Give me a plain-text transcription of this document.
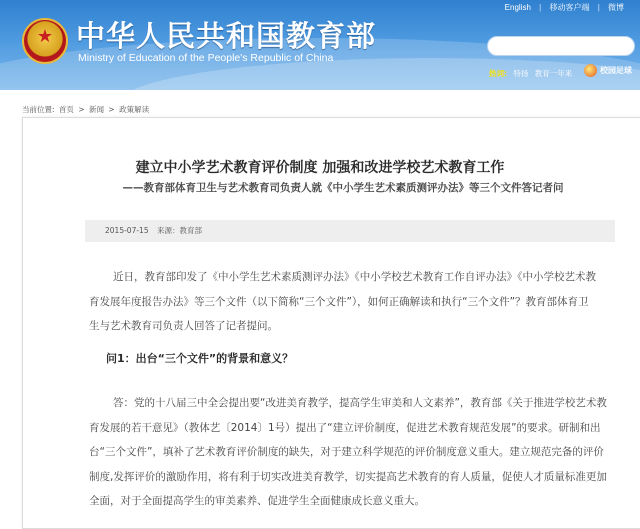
★ 中华人民共和国教育部
Ministry of Education of the People's Republic of China
English | 移动客户端 | 微博
热词: 特扬 教育一年来	校园足球
当前位置: 首页 > 新闻 > 政策解读
建立中小学艺术教育评价制度 加强和改进学校艺术教育工作
——教育部体育卫生与艺术教育司负责人就《中小学生艺术素质测评办法》等三个文件答记者问
2015-07-15 来源：教育部
近日，教育部印发了《中小学生艺术素质测评办法》《中小学校艺术教育工作自评办法》《中小学校艺术教
育发展年度报告办法》等三个文件（以下简称“三个文件”），如何正确解读和执行“三个文件”？教育部体育卫
生与艺术教育司负责人回答了记者提问。
问1：出台“三个文件”的背景和意义？
答：党的十八届三中全会提出要“改进美育教学，提高学生审美和人文素养”，教育部《关于推进学校艺术教
育发展的若干意见》（教体艺〔2014〕1号）提出了“建立评价制度，促进艺术教育规范发展”的要求。研制和出
台“三个文件”，填补了艺术教育评价制度的缺失，对于建立科学规范的评价制度意义重大。建立规范完备的评价
制度,发挥评价的激励作用，将有利于切实改进美育教学，切实提高艺术教育的育人质量，促使人才质量标准更加
全面，对于全面提高学生的审美素养、促进学生全面健康成长意义重大。
